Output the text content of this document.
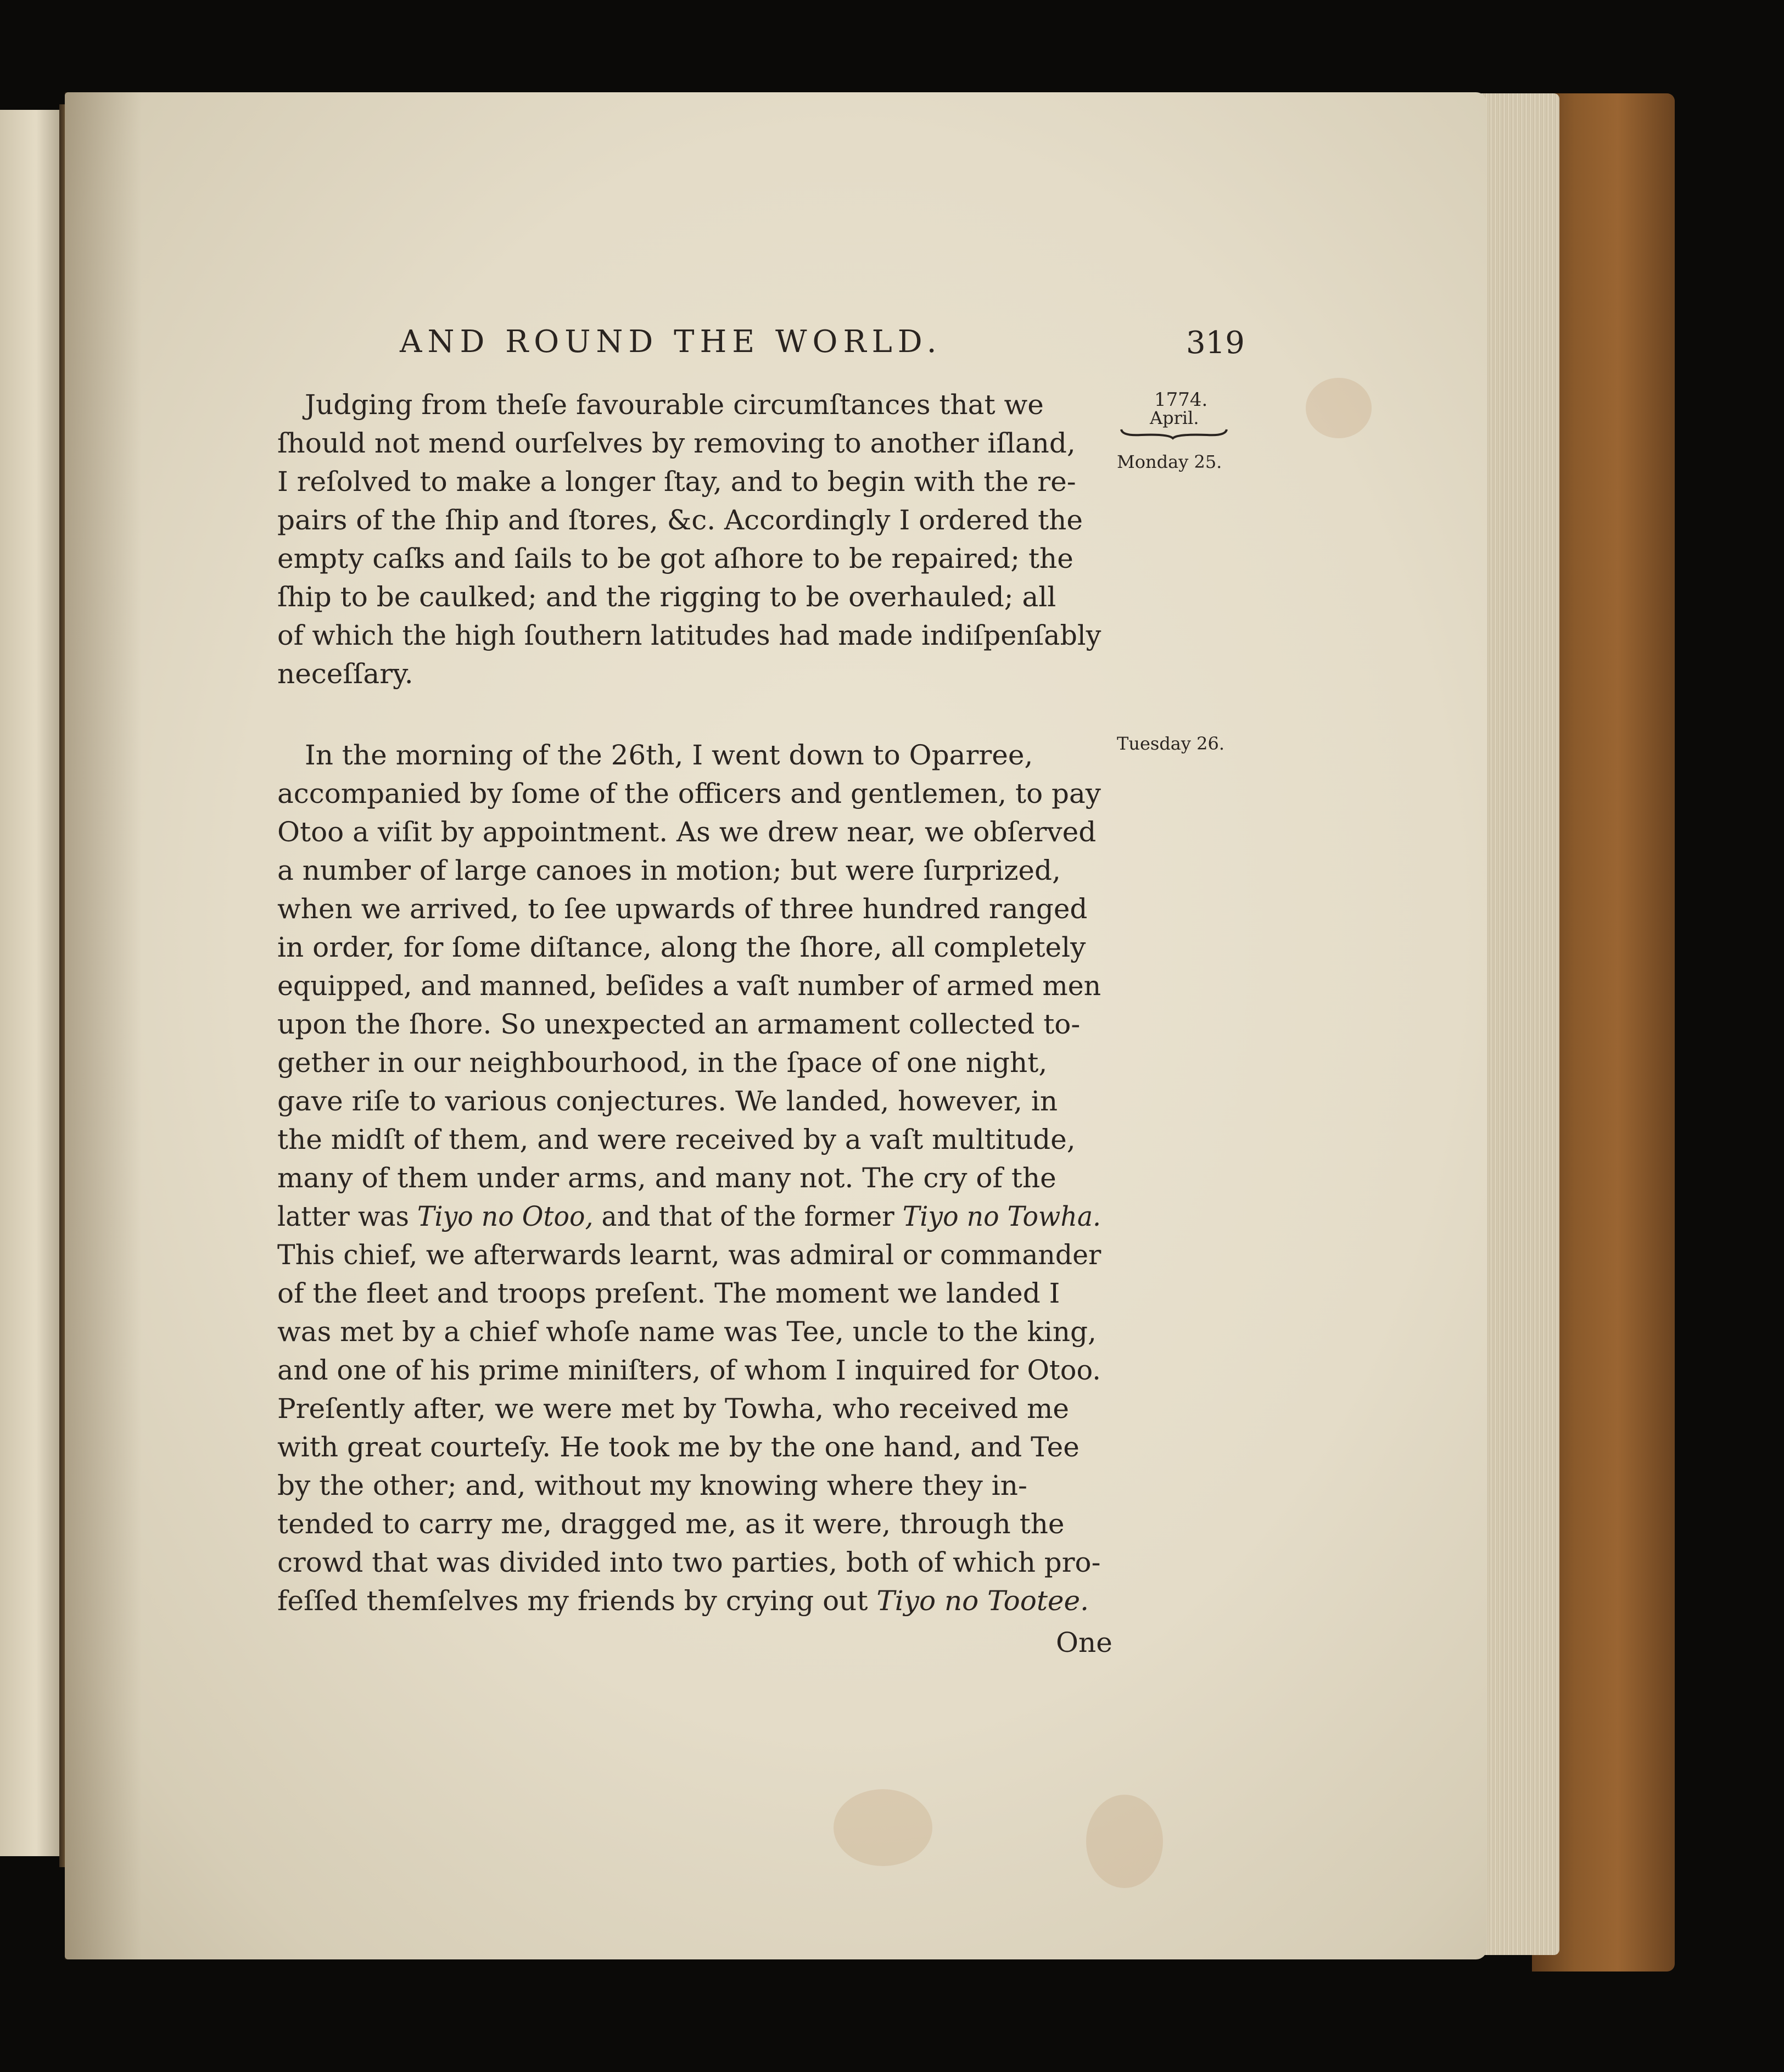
AND ROUND THE WORLD.	319
1774.
April.
Monday 25.
Tuesday 26.
Judging from theſe favourable circumſtances that we
ſhould not mend ourſelves by removing to another iſland,
I reſolved to make a longer ſtay, and to begin with the re-
pairs of the ſhip and ſtores, &c. Accordingly I ordered the
empty caſks and ſails to be got aſhore to be repaired; the
ſhip to be caulked; and the rigging to be overhauled; all
of which the high ſouthern latitudes had made indiſpenſably
neceſſary.
In the morning of the 26th, I went down to Oparree,
accompanied by ſome of the officers and gentlemen, to pay
Otoo a viſit by appointment. As we drew near, we obſerved
a number of large canoes in motion; but were ſurprized,
when we arrived, to ſee upwards of three hundred ranged
in order, for ſome diſtance, along the ſhore, all completely
equipped, and manned, beſides a vaſt number of armed men
upon the ſhore. So unexpected an armament collected to-
gether in our neighbourhood, in the ſpace of one night,
gave riſe to various conjectures. We landed, however, in
the midſt of them, and were received by a vaſt multitude,
many of them under arms, and many not. The cry of the
latter was Tiyo no Otoo, and that of the former Tiyo no Towha.
This chief, we afterwards learnt, was admiral or commander
of the fleet and troops preſent. The moment we landed I
was met by a chief whoſe name was Tee, uncle to the king,
and one of his prime miniſters, of whom I inquired for Otoo.
Preſently after, we were met by Towha, who received me
with great courteſy. He took me by the one hand, and Tee
by the other; and, without my knowing where they in-
tended to carry me, dragged me, as it were, through the
crowd that was divided into two parties, both of which pro-
feſſed themſelves my friends by crying out Tiyo no Tootee.
One
